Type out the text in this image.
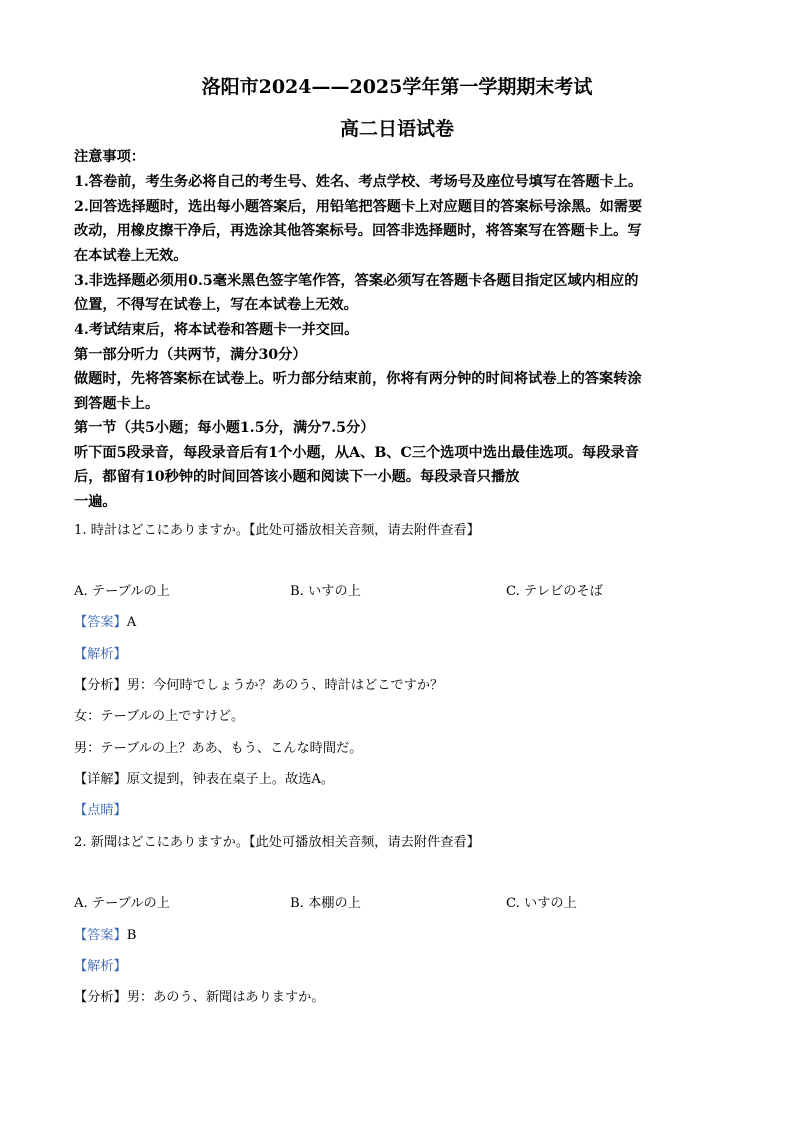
洛阳市2024——2025学年第一学期期末考试
高二日语试卷
注意事项：
1.答卷前，考生务必将自己的考生号、姓名、考点学校、考场号及座位号填写在答题卡上。
2.回答选择题时，选出每小题答案后，用铅笔把答题卡上对应题目的答案标号涂黑。如需要
改动，用橡皮擦干净后，再选涂其他答案标号。回答非选择题时，将答案写在答题卡上。写
在本试卷上无效。
3.非选择题必须用0.5毫米黑色签字笔作答，答案必须写在答题卡各题目指定区域内相应的
位置，不得写在试卷上，写在本试卷上无效。
4.考试结束后，将本试卷和答题卡一并交回。
第一部分听力（共两节，满分30分）
做题时，先将答案标在试卷上。听力部分结束前，你将有两分钟的时间将试卷上的答案转涂
到答题卡上。
第一节（共5小题；每小题1.5分，满分7.5分）
听下面5段录音，每段录音后有1个小题，从A、B、C三个选项中选出最佳选项。每段录音
后，都留有10秒钟的时间回答该小题和阅读下一小题。每段录音只播放
一遍。
1. 時計はどこにありますか。【此处可播放相关音频，请去附件查看】
A. テーブルの上	B. いすの上	C. テレビのそば
【答案】A
【解析】
【分析】男：今何時でしょうか？あのう、時計はどこですか？
女：テーブルの上ですけど。
男：テーブルの上？ああ、もう、こんな時間だ。
【详解】原文提到，钟表在桌子上。故选A。
【点睛】
2. 新聞はどこにありますか。【此处可播放相关音频，请去附件查看】
A. テーブルの上	B. 本棚の上	C. いすの上
【答案】B
【解析】
【分析】男：あのう、新聞はありますか。
